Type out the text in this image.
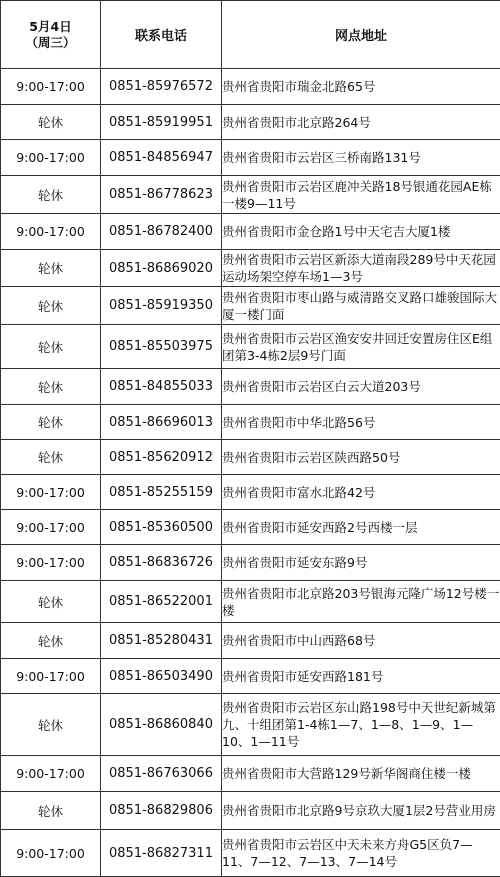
5月4日
（周三）	联系电话	网点地址
9:00-17:00	0851-85976572	贵州省贵阳市瑞金北路65号
轮休	0851-85919951	贵州省贵阳市北京路264号
9:00-17:00	0851-84856947	贵州省贵阳市云岩区三桥南路131号
轮休	0851-86778623	贵州省贵阳市云岩区鹿冲关路18号银通花园AE栋一楼9—11号
9:00-17:00	0851-86782400	贵州省贵阳市金仓路1号中天宅吉大厦1楼
轮休	0851-86869020	贵州省贵阳市云岩区新添大道南段289号中天花园运动场架空停车场1—3号
轮休	0851-85919350	贵州省贵阳市枣山路与威清路交叉路口雄骏国际大厦一楼门面
轮休	0851-85503975	贵州省贵阳市云岩区渔安安井回迁安置房住区E组团第3-4栋2层9号门面
轮休	0851-84855033	贵州省贵阳市云岩区白云大道203号
轮休	0851-86696013	贵州省贵阳市中华北路56号
轮休	0851-85620912	贵州省贵阳市云岩区陕西路50号
9:00-17:00	0851-85255159	贵州省贵阳市富水北路42号
9:00-17:00	0851-85360500	贵州省贵阳市延安西路2号西楼一层
9:00-17:00	0851-86836726	贵州省贵阳市延安东路9号
轮休	0851-86522001	贵州省贵阳市北京路203号银海元隆广场12号楼一楼
轮休	0851-85280431	贵州省贵阳市中山西路68号
9:00-17:00	0851-86503490	贵州省贵阳市延安西路181号
轮休	0851-86860840	贵州省贵阳市云岩区东山路198号中天世纪新城第九、十组团第1-4栋1—7、1—8、1—9、1—10、1—11号
9:00-17:00	0851-86763066	贵州省贵阳市大营路129号新华阁商住楼一楼
轮休	0851-86829806	贵州省贵阳市北京路9号京玖大厦1层2号营业用房
9:00-17:00	0851-86827311	贵州省贵阳市云岩区中天未来方舟G5区负7—11、7—12、7—13、7—14号
